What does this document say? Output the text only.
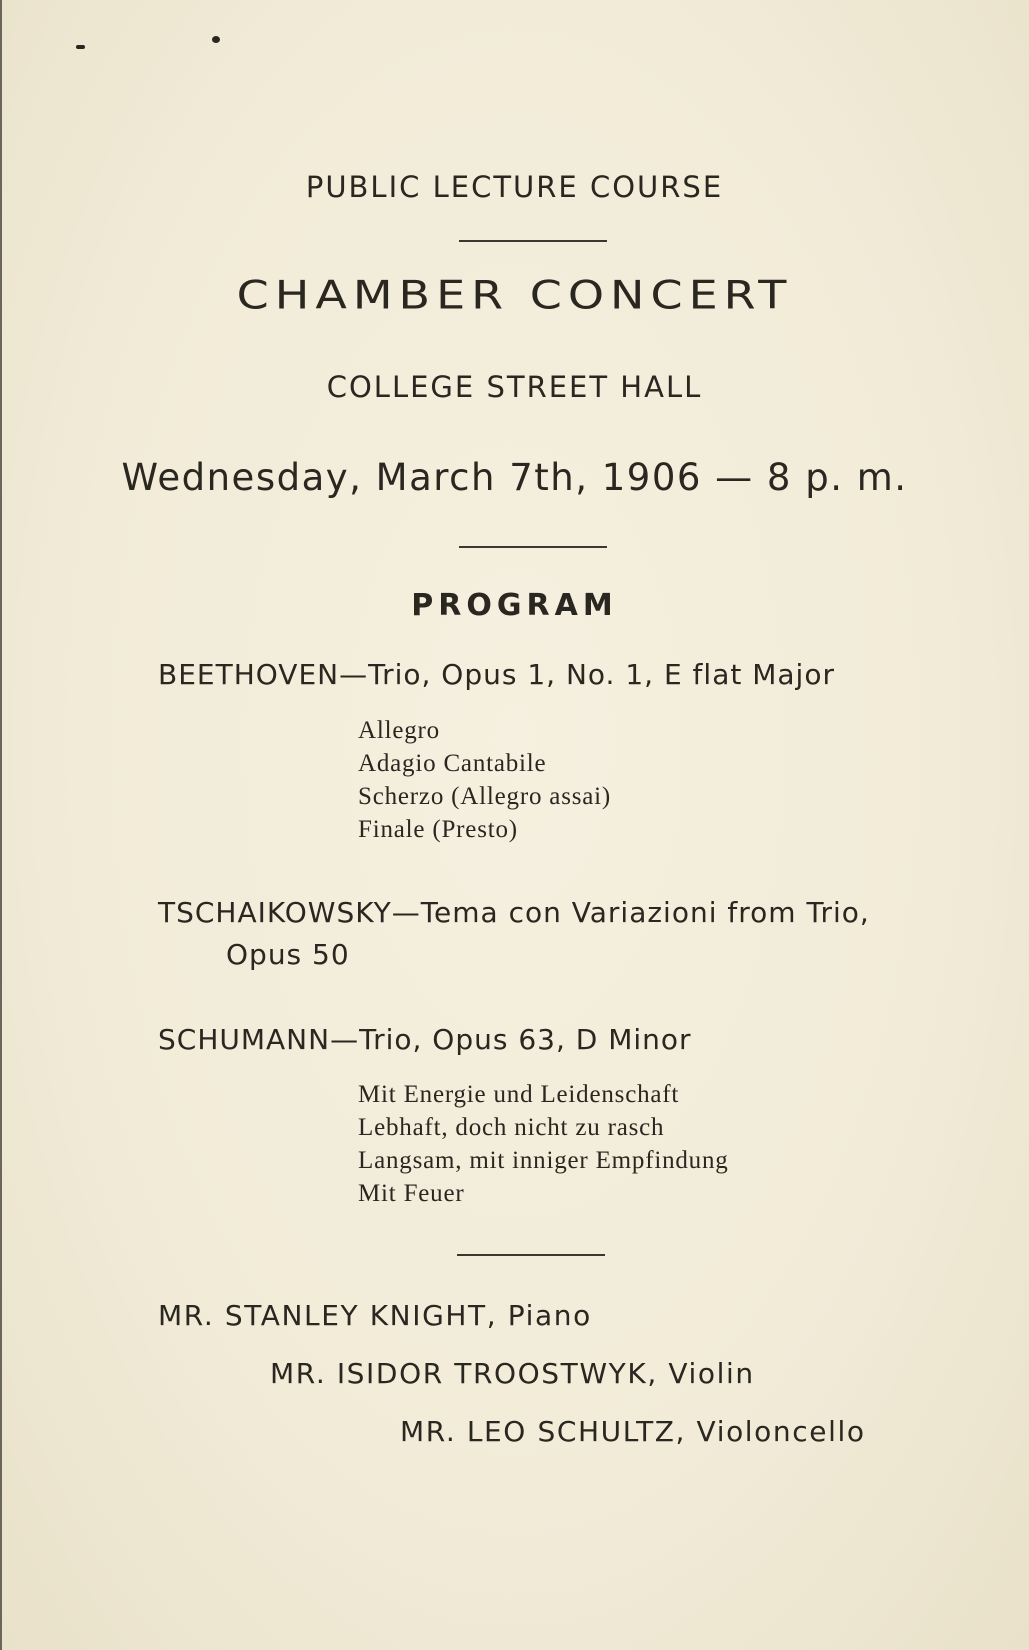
PUBLIC LECTURE COURSE
CHAMBER CONCERT
COLLEGE STREET HALL
Wednesday, March 7th, 1906 — 8 p. m.
PROGRAM
BEETHOVEN—Trio, Opus 1, No. 1, E flat Major
Allegro
Adagio Cantabile
Scherzo (Allegro assai)
Finale (Presto)
TSCHAIKOWSKY—Tema con Variazioni from Trio,
Opus 50
SCHUMANN—Trio, Opus 63, D Minor
Mit Energie und Leidenschaft
Lebhaft, doch nicht zu rasch
Langsam, mit inniger Empfindung
Mit Feuer
MR. STANLEY KNIGHT, Piano
MR. ISIDOR TROOSTWYK, Violin
MR. LEO SCHULTZ, Violoncello
